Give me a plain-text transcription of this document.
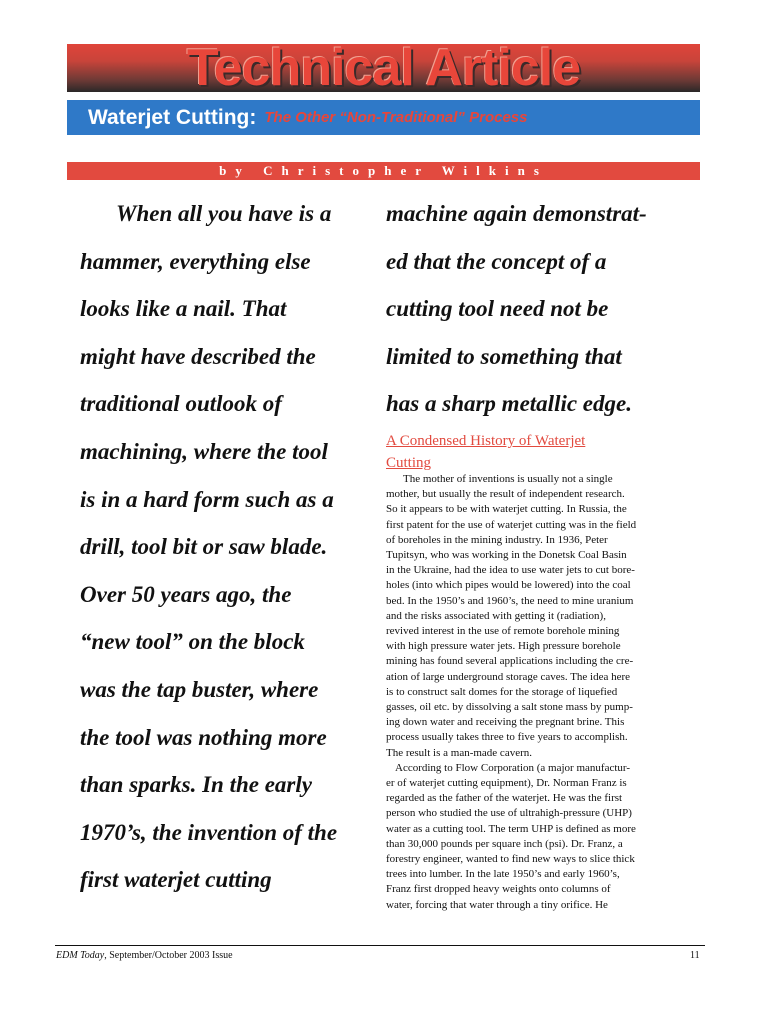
Technical Article
Waterjet Cutting: The Other “Non-Traditional” Process
by Christopher Wilkins
When all you have is a
hammer, everything else
looks like a nail. That
might have described the
traditional outlook of
machining, where the tool
is in a hard form such as a
drill, tool bit or saw blade.
Over 50 years ago, the
“new tool” on the block
was the tap buster, where
the tool was nothing more
than sparks. In the early
1970’s, the invention of the
first waterjet cutting
machine again demonstrat-
ed that the concept of a
cutting tool need not be
limited to something that
has a sharp metallic edge.
A Condensed History of Waterjet
Cutting
The mother of inventions is usually not a single
mother, but usually the result of independent research.
So it appears to be with waterjet cutting. In Russia, the
first patent for the use of waterjet cutting was in the field
of boreholes in the mining industry. In 1936, Peter
Tupitsyn, who was working in the Donetsk Coal Basin
in the Ukraine, had the idea to use water jets to cut bore-
holes (into which pipes would be lowered) into the coal
bed. In the 1950’s and 1960’s, the need to mine uranium
and the risks associated with getting it (radiation),
revived interest in the use of remote borehole mining
with high pressure water jets. High pressure borehole
mining has found several applications including the cre-
ation of large underground storage caves. The idea here
is to construct salt domes for the storage of liquefied
gasses, oil etc. by dissolving a salt stone mass by pump-
ing down water and receiving the pregnant brine. This
process usually takes three to five years to accomplish.
The result is a man-made cavern.
According to Flow Corporation (a major manufactur-
er of waterjet cutting equipment), Dr. Norman Franz is
regarded as the father of the waterjet. He was the first
person who studied the use of ultrahigh-pressure (UHP)
water as a cutting tool. The term UHP is defined as more
than 30,000 pounds per square inch (psi). Dr. Franz, a
forestry engineer, wanted to find new ways to slice thick
trees into lumber. In the late 1950’s and early 1960’s,
Franz first dropped heavy weights onto columns of
water, forcing that water through a tiny orifice. He
EDM Today, September/October 2003 Issue	11
